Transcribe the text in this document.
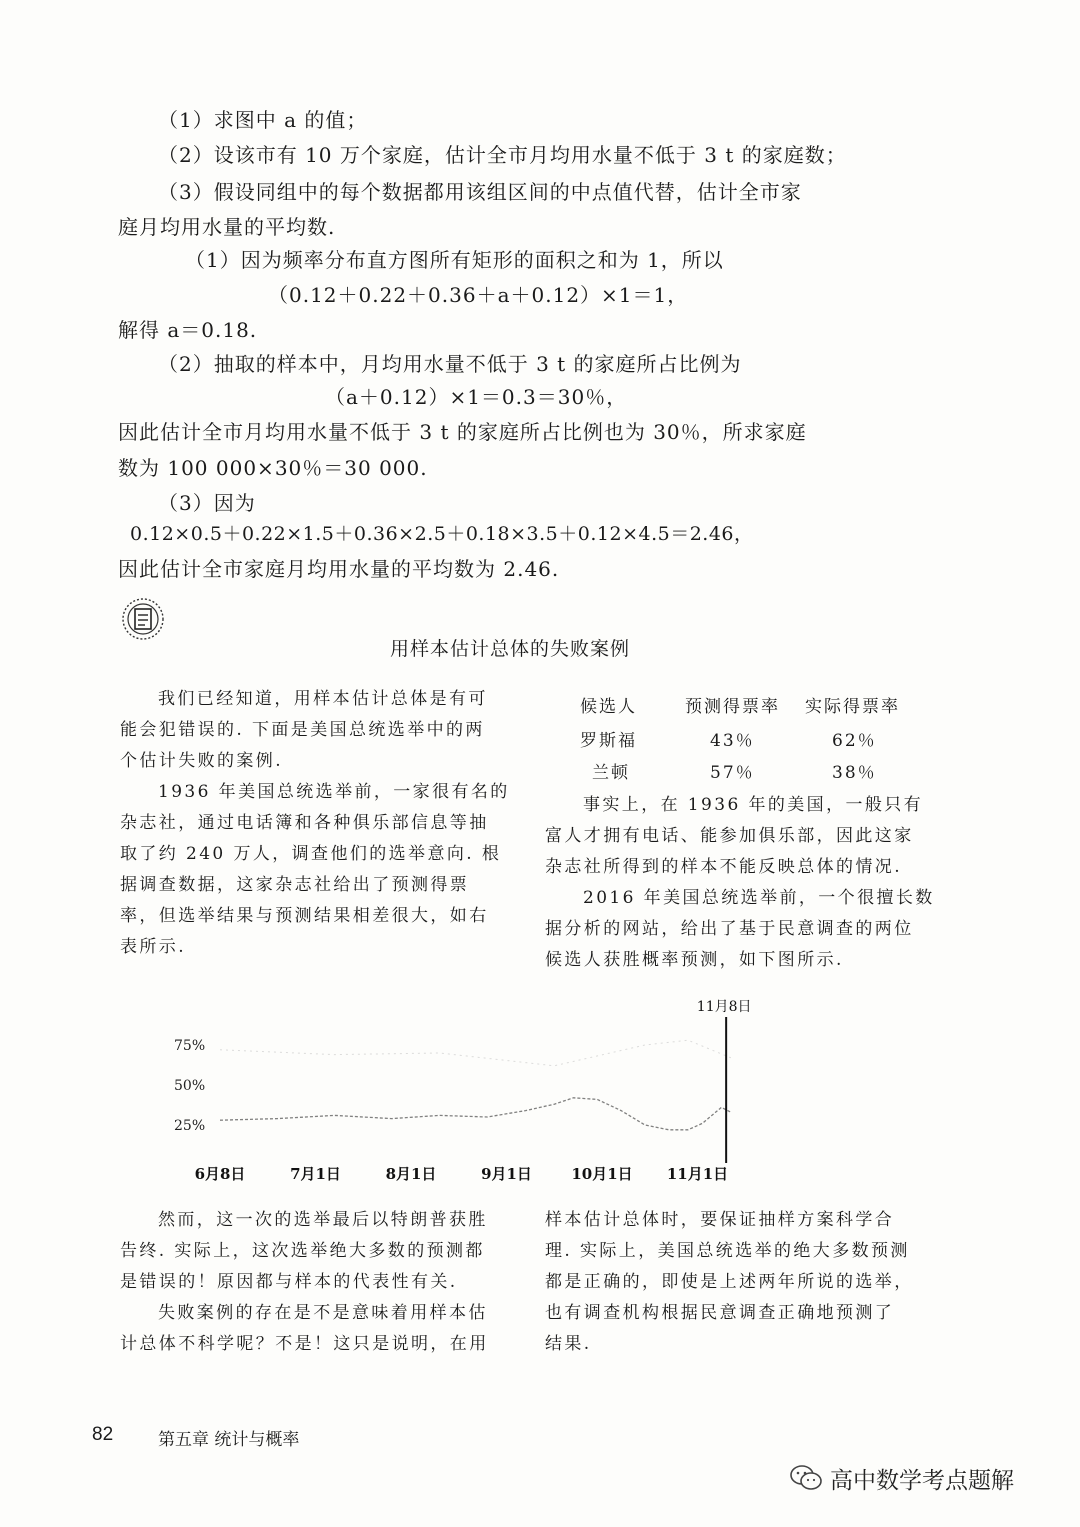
（1）求图中 a 的值；
（2）设该市有 10 万个家庭，估计全市月均用水量不低于 3 t 的家庭数；
（3）假设同组中的每个数据都用该组区间的中点值代替，估计全市家
庭月均用水量的平均数.
（1）因为频率分布直方图所有矩形的面积之和为 1，所以
（0.12＋0.22＋0.36＋a＋0.12）×1＝1，
解得 a＝0.18.
（2）抽取的样本中，月均用水量不低于 3 t 的家庭所占比例为
（a＋0.12）×1＝0.3＝30％，
因此估计全市月均用水量不低于 3 t 的家庭所占比例也为 30％，所求家庭
数为 100 000×30％＝30 000.
（3）因为
0.12×0.5＋0.22×1.5＋0.36×2.5＋0.18×3.5＋0.12×4.5＝2.46，
因此估计全市家庭月均用水量的平均数为 2.46.
用样本估计总体的失败案例

我们已经知道，用样本估计总体是有可

能会犯错误的. 下面是美国总统选举中的两

个估计失败的案例.

1936 年美国总统选举前，一家很有名的

杂志社，通过电话簿和各种俱乐部信息等抽

取了约 240 万人，调查他们的选举意向. 根

据调查数据，这家杂志社给出了预测得票

率，但选举结果与预测结果相差很大，如右

表所示.

候选人	预测得票率 实际得票率
罗斯福	43％	62％
兰顿	57％	38％

事实上，在 1936 年的美国，一般只有

富人才拥有电话、能参加俱乐部，因此这家

杂志社所得到的样本不能反映总体的情况.

2016 年美国总统选举前，一个很擅长数

据分析的网站，给出了基于民意调查的两位

候选人获胜概率预测，如下图所示.

75%
50%
25%
6月8日	7月1日	8月1日	9月1日	10月1日 11月1日
11月8日

然而，这一次的选举最后以特朗普获胜

告终. 实际上，这次选举绝大多数的预测都

是错误的！原因都与样本的代表性有关.

失败案例的存在是不是意味着用样本估

计总体不科学呢？不是！这只是说明，在用

样本估计总体时，要保证抽样方案科学合

理. 实际上，美国总统选举的绝大多数预测

都是正确的，即使是上述两年所说的选举，

也有调查机构根据民意调查正确地预测了

结果.

82	第五章 统计与概率
高中数学考点题解
